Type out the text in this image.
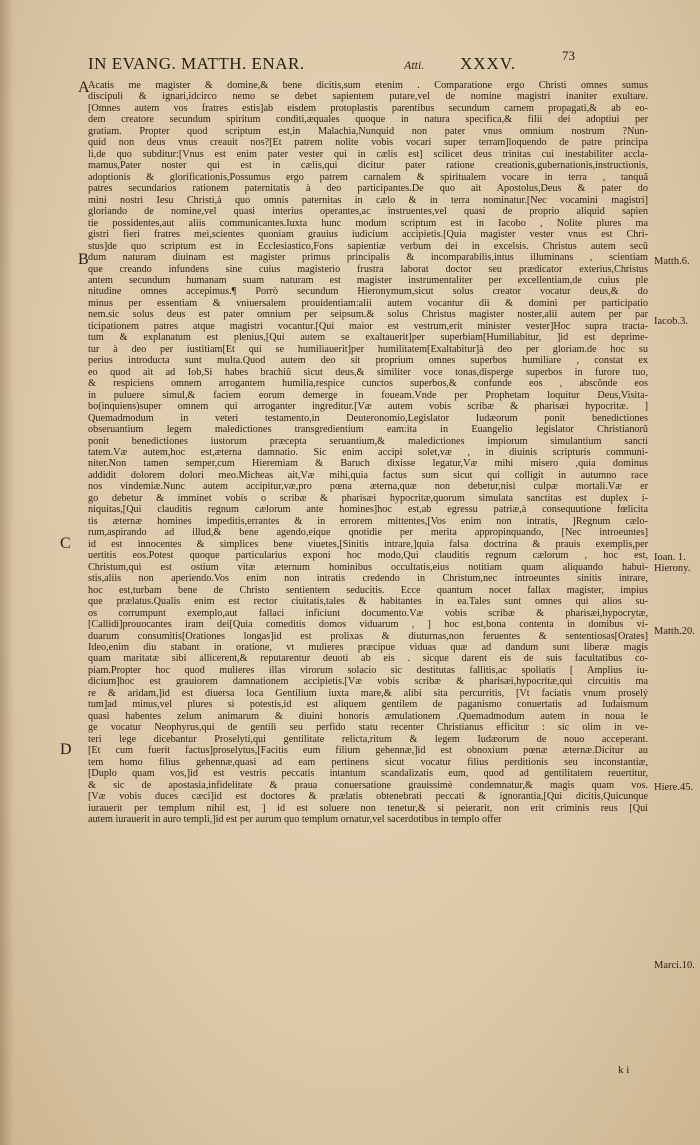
IN EVANG. MATTH. ENAR.	Atti. XXXV.	73
Acatis me magister & domine,& bene dicitis,sum etenim . Comparatione ergo Christi omnes sumus
discipuli & ignari,idcirco nemo se debet sapientem putare,vel de nomine magistri inaniter exultare.
[Omnes autem vos fratres estis]ab eisdem protoplastis parentibus secundum carnem propagati,& ab eo-
dem creatore secundum spiritum conditi,æquales quoque in natura specifica,& filii dei adoptiui per
gratiam. Propter quod scriptum est,in Malachia,Nunquid non pater vnus omnium nostrum ?Nun-
quid non deus vnus creauit nos?[Et patrem nolite vobis vocari super terram]loquendo de patre principa
li,de quo subditur:[Vnus est enim pater vester qui in cælis est] scilicet deus trinitas cui inestabiliter accla-
mamus,Pater noster qui est in cælis,qui dicitur pater ratione creationis,gubernationis,instructionis,
adoptionis & glorificationis,Possumus ergo patrem carnalem & spiritualem vocare in terra , tanquã
patres secundarios rationem paternitatis à deo participantes.De quo ait Apostolus,Deus & pater do
mini nostri Iesu Christi,à quo omnis paternitas in cælo & in terra nominatur.[Nec vocamini magistri]
gloriando de nomine,vel quasi interius operantes,ac instruentes,vel quasi de proprio aliquid sapien
tie possidentes,aut aliis communicantes.Iuxta hunc modum scriptum est in Iacobo , Nolite plures ma
gistri fieri fratres mei,scientes quoniam grauius iudicium accipietis.[Quia magister vester vnus est Chri-
stus]de quo scriptum est in Ecclesiastico,Fons sapientiæ verbum dei in excelsis. Christus autem secũ
dum naturam diuinam est magister primus principalis & incomparabilis,intus illuminans , scientiam
que creando infundens sine cuius magisterio frustra laborat doctor seu prædicator exterius,Christus
antem secundum humanam suam naturam est magister instrumentaliter per excellentiam,de cuius ple
nitudine omnes accepimus.¶ Porrò secundum Hieronymum,sicut solus creator vocatur deus,& do
minus per essentiam & vniuersalem prouidentiam:alii autem vocantur dii & domini per participatio
nem.sic solus deus est pater omnium per seipsum.& solus Christus magister noster,alii autem per par
ticipationem patres atque magistri vocantur.[Qui maior est vestrum,erit minister vester]Hoc supra tracta-
tum & explanatum est plenius,[Qui autem se exaltauerit]per superbiam[Humiliabitur, ]id est deprime-
tur à deo per iustitiam[Et qui se humiliauerit]per humilitatem[Exaltabitur]à deo per gloriam.de hoc su
perius introducta sunt multa.Quod autem deo sit proprium omnes superbos humiliare , constat ex
eo quod ait ad Iob,Si habes brachiũ sicut deus,& similiter voce tonas,disperge superbos in furore tuo,
& respiciens omnem arrogantem humilia,respice cunctos superbos,& confunde eos , abscõnde eos
in puluere simul,& faciem eorum demerge in foueam.Vnde per Prophetam loquitur Deus,Visita-
bo(inquiens)super omnem qui arroganter ingreditur.[Væ autem vobis scribæ & pharisæi hypocritæ. ]
Quemadmodum in veteri testamento,in Deuteronomio,Legislator Iudæorum ponit benedictiones
obseruantium legem maledictiones transgredientium eam:ita in Euangelio legislator Christianorũ
ponit benedictiones iustorum præcepta seruantium,& maledictiones impiorum simulantium sancti
tatem.Væ autem,hoc est,æterna damnatio. Sic enim accipi solet,væ , in diuinis scripturis communi-
niter.Non tamen semper,cum Hieremiam & Baruch dixisse legatur,Væ mihi misero ,quia dominus
addidit dolorem dolori meo.Micheas ait,Væ mihi,quia factus sum sicut qui colligit in autumno race
nos vindemiæ.Nunc autem accipitur,væ,pro pœna æterna,quæ non debetur,nisi culpæ mortali.Væ er
go debetur & imminet vobis o scribæ & pharisæi hypocritæ,quorum simulata sanctitas est duplex i-
niquitas,[Qui clauditis regnum cælorum ante homines]hoc est,ab egressu patriæ,à consequutione fœlicita
tis æternæ homines impeditis,errantes & in errorem mittentes,[Vos enim non intratis, ]Regnum cælo-
rum,aspirando ad illud,& bene agendo,eique qnotidie per merita appropinquando, [Nec introeuntes]
id est innocentes & simplices bene viuetes,[Sinitis intrare,]quia falsa doctrina & prauis exemplis,per
uertitis eos.Potest quoque particularius exponi hoc modo,Qui clauditis regnum cælorum , hoc est,
Christum,qui est ostium vitæ æternum hominibus occultatis,eius notitiam quam aliquando habui-
stis,aliis non aperiendo.Vos enim non intratis credendo in Christum,nec introeuntes sinitis intrare,
hoc est,turbam bene de Christo sentientem seducitis. Ecce quantum nocet fallax magister, impius
que prælatus.Qualis enim est rector ciuitatis,tales & habitantes in ea.Tales sunt omnes qui alios su-
os corrumpunt exemplo,aut fallaci inficiunt documento.Væ vobis scribæ & pharisæi,hypocrytæ,
[Callidi]prouocantes iram dei[Quia comeditis domos viduarum , ] hoc est,bona contenta in domibus vi-
duarum consumitis[Orationes longas]id est prolixas & diuturnas,non feruentes & sententiosas[Orates]
Ideo,enim diu stabant in oratione, vt mulieres præcipue viduas quæ ad dandum sunt liberæ magis
quam maritatæ sibi allicerent,& reputarentur deuoti ab eis . sicque darent eis de suis facultatibus co-
piam.Propter hoc quod mulieres illas virorum solacio sic destitutas fallitis,ac spoliatis [ Amplius iu-
dicium]hoc est grauiorem damnationem accipietis.[Væ vobis scribæ & pharisæi,hypocritæ,qui circuitis ma
re & aridam,]id est diuersa loca Gentilium iuxta mare,& alibi sita percurritis, [Vt faciatis vnum proselý
tum]ad minus,vel plures si potestis,id est aliquem gentilem de paganismo conuertatis ad Iudaismum
quasi habentes zelum animarum & diuini honoris æmulationem .Quemadmodum autem in noua le
ge vocatur Neophyrus,qui de gentili seu perfido statu recenter Christianus efficitur : sic olim in ve-
teri lege dicebantur Proselyti,qui gentilitate relicta,ritum & legem Iudæorum de nouo acceperant.
[Et cum fuerit factus]proselytus,[Facitis eum filium gehennæ,]id est obnoxium pœnæ æternæ.Dicitur au
tem homo filius gehennæ,quasi ad eam pertinens sicut vocatur filius perditionis seu inconstantiæ,
[Duplo quam vos,]id est vestris peccatis intantum scandalizatis eum, quod ad gentilitatem reuertitur,
& sic de apostasia,infidelitate & praua conuersatione grauissimè condemnatur,& magis quam vos.
[Væ vobis duces cæci]id est doctores & prælatis obtenebrati peccati & ignorantia,[Qui dicitis,Quicunque
iurauerit per templum nihil est, ] id est soluere non tenetur,& si peierarit, non erit criminis reus [Qui
autem iurauerit in auro templi,]id est per aurum quo templum ornatur,vel sacerdotibus in templo offer
A
B
C
D
Matth.6.
Iacob.3.
Ioan. 1.
Hierony.
Matth.20.
Hiere.45.
Marci.10.
k i
